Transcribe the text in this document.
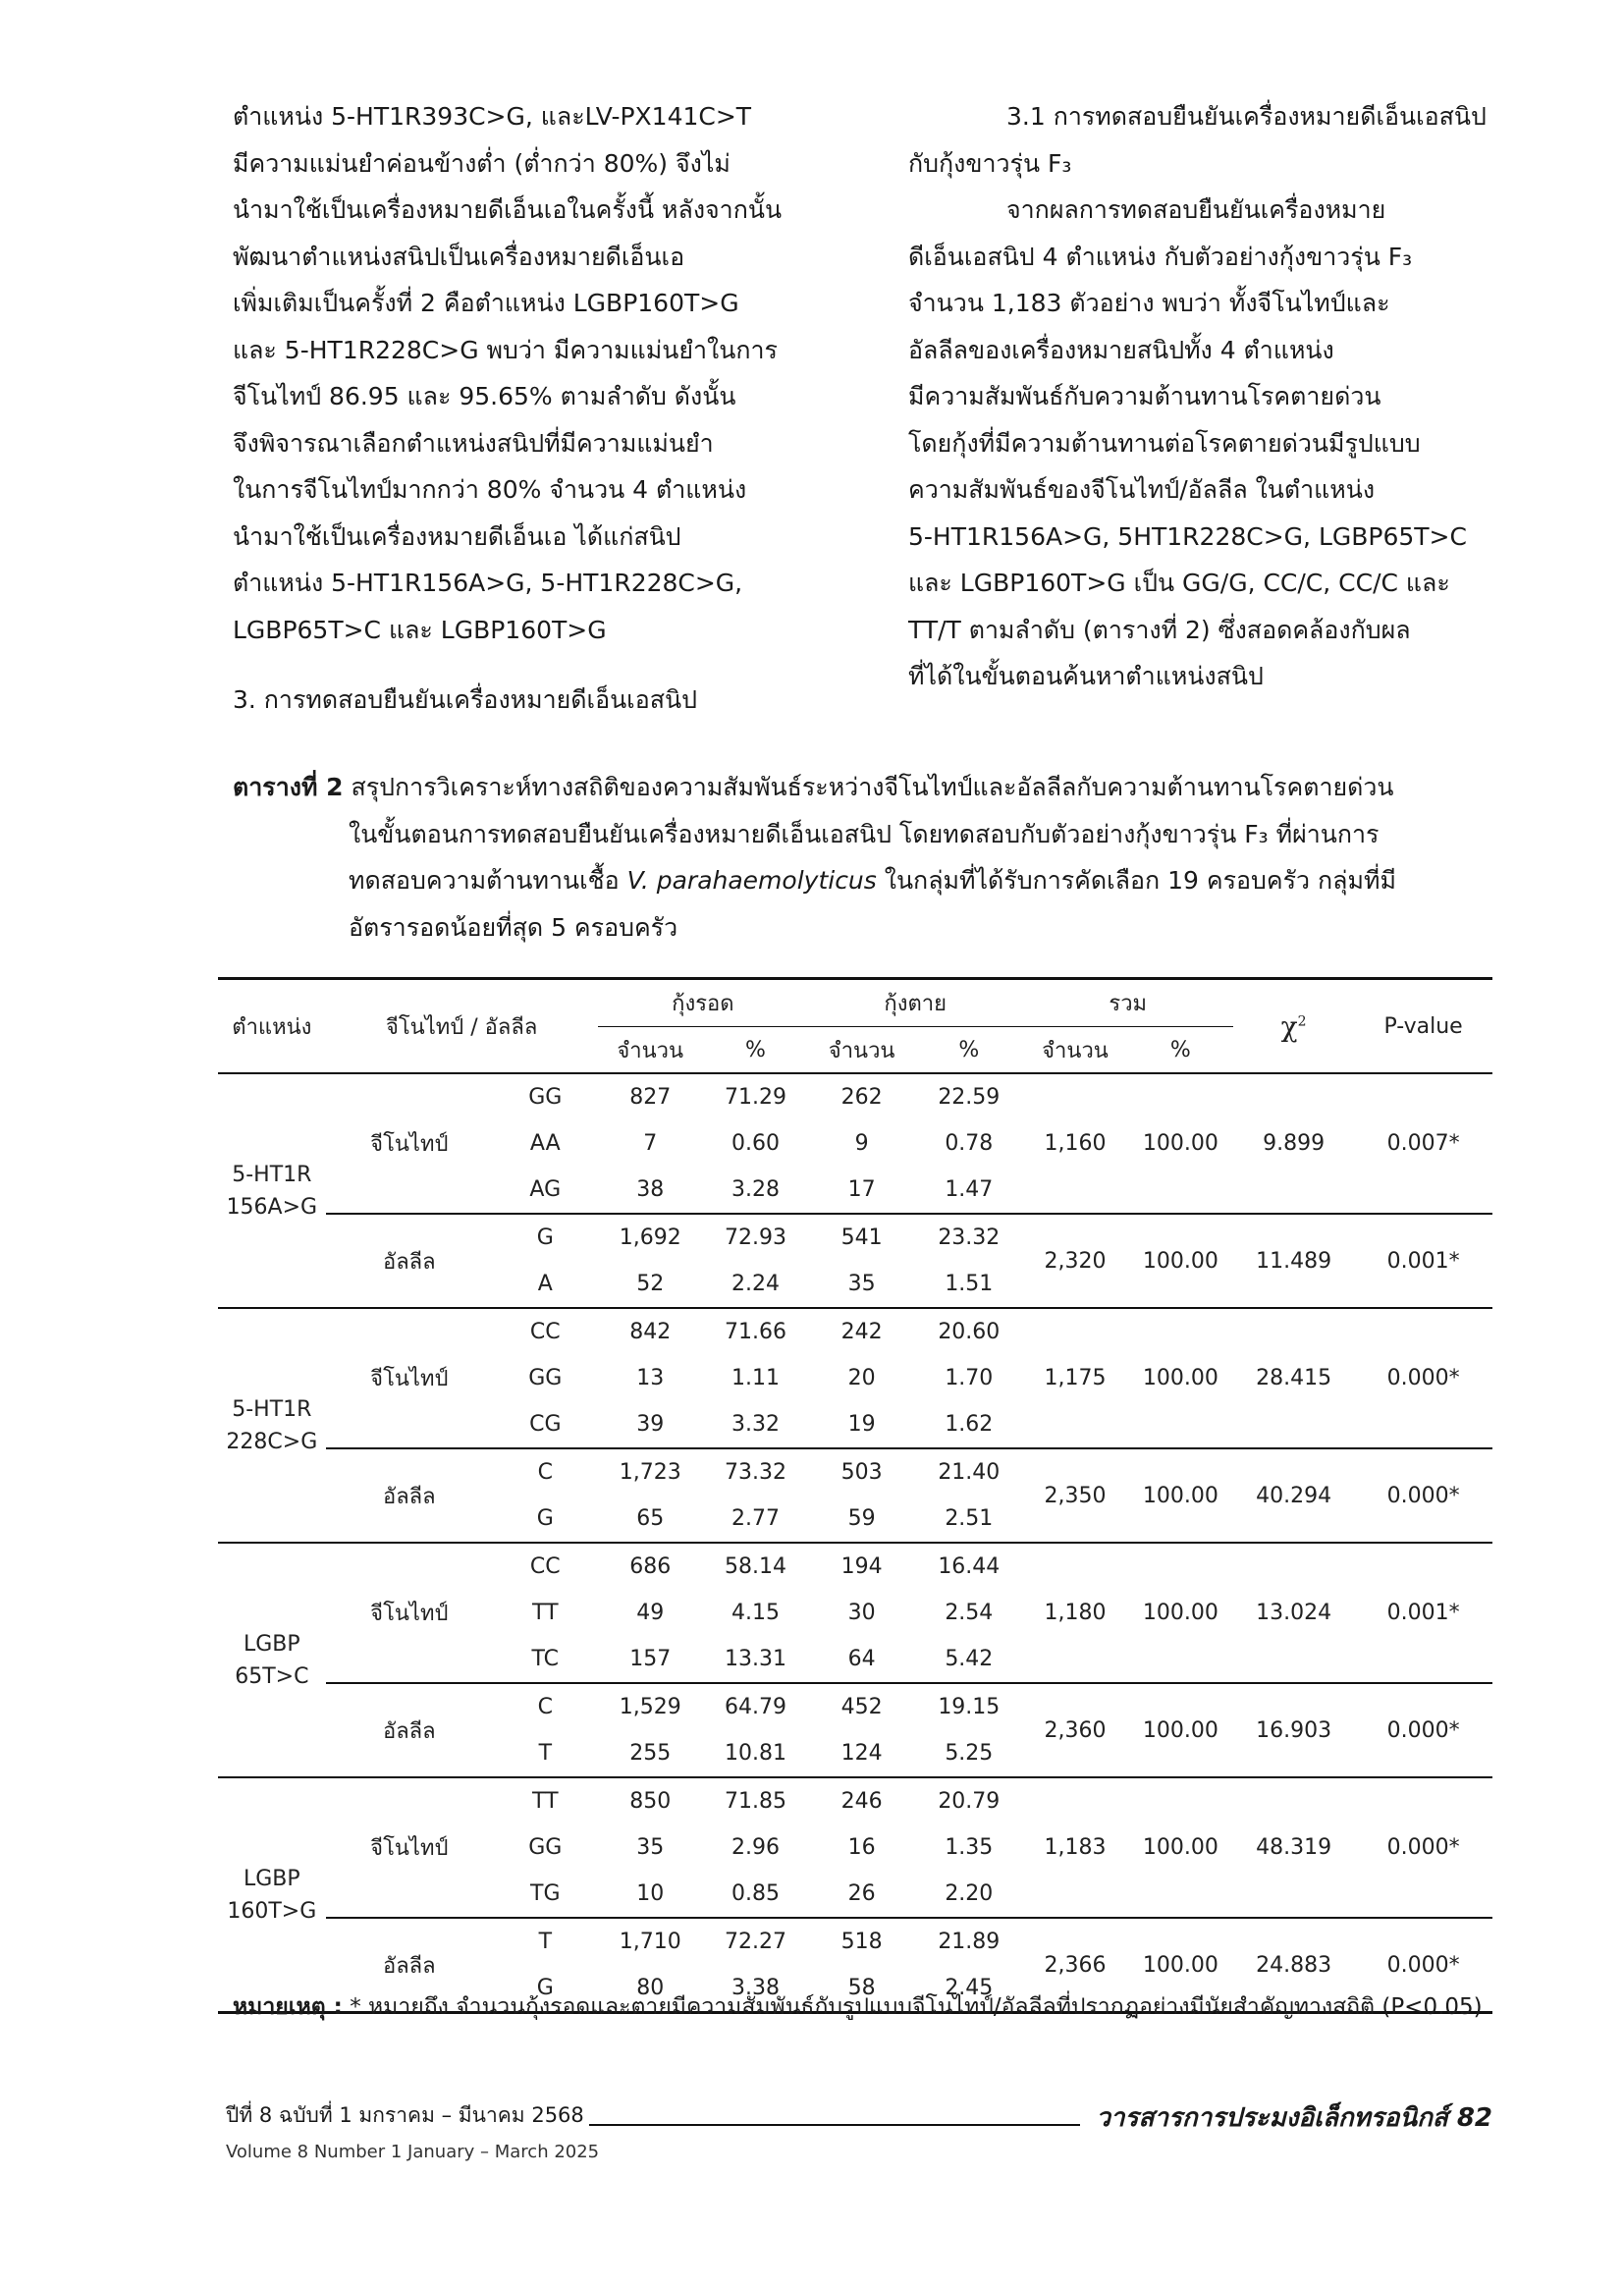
ตำแหน่ง 5-HT1R393C>G, และLV-PX141C>T

มีความแม่นยำค่อนข้างต่ำ (ต่ำกว่า 80%) จึงไม่

นำมาใช้เป็นเครื่องหมายดีเอ็นเอในครั้งนี้ หลังจากนั้น

พัฒนาตำแหน่งสนิปเป็นเครื่องหมายดีเอ็นเอ

เพิ่มเติมเป็นครั้งที่ 2 คือตำแหน่ง LGBP160T>G

และ 5-HT1R228C>G พบว่า มีความแม่นยำในการ

จีโนไทป์ 86.95 และ 95.65% ตามลำดับ ดังนั้น

จึงพิจารณาเลือกตำแหน่งสนิปที่มีความแม่นยำ

ในการจีโนไทป์มากกว่า 80% จำนวน 4 ตำแหน่ง

นำมาใช้เป็นเครื่องหมายดีเอ็นเอ ได้แก่สนิป

ตำแหน่ง 5-HT1R156A>G, 5-HT1R228C>G,

LGBP65T>C และ LGBP160T>G

3. การทดสอบยืนยันเครื่องหมายดีเอ็นเอสนิป

3.1 การทดสอบยืนยันเครื่องหมายดีเอ็นเอสนิป

กับกุ้งขาวรุ่น F₃

จากผลการทดสอบยืนยันเครื่องหมาย

ดีเอ็นเอสนิป 4 ตำแหน่ง กับตัวอย่างกุ้งขาวรุ่น F₃

จำนวน 1,183 ตัวอย่าง พบว่า ทั้งจีโนไทป์และ

อัลลีลของเครื่องหมายสนิปทั้ง 4 ตำแหน่ง

มีความสัมพันธ์กับความต้านทานโรคตายด่วน

โดยกุ้งที่มีความต้านทานต่อโรคตายด่วนมีรูปแบบ

ความสัมพันธ์ของจีโนไทป์/อัลลีล ในตำแหน่ง

5-HT1R156A>G, 5HT1R228C>G, LGBP65T>C

และ LGBP160T>G เป็น GG/G, CC/C, CC/C และ

TT/T ตามลำดับ (ตารางที่ 2) ซึ่งสอดคล้องกับผล

ที่ได้ในขั้นตอนค้นหาตำแหน่งสนิป

ตารางที่ 2 สรุปการวิเคราะห์ทางสถิติของความสัมพันธ์ระหว่างจีโนไทป์และอัลลีลกับความต้านทานโรคตายด่วน

ในขั้นตอนการทดสอบยืนยันเครื่องหมายดีเอ็นเอสนิป โดยทดสอบกับตัวอย่างกุ้งขาวรุ่น F₃ ที่ผ่านการ

ทดสอบความต้านทานเชื้อ V. parahaemolyticus ในกลุ่มที่ได้รับการคัดเลือก 19 ครอบครัว กลุ่มที่มี

อัตรารอดน้อยที่สุด 5 ครอบครัว

ตำแหน่ง	จีโนไทป์ / อัลลีล		กุ้งรอด		กุ้งตาย		รวม		$\chi^2$	P-value
			จำนวน	%	จำนวน	%	จำนวน	%		

5-HT1R
156A>G	จีโนไทป์	GG	827	71.29	262	22.59	1,160	100.00	9.899	0.007*
		AA	7	0.60	9	0.78				
		AG	38	3.28	17	1.47				
	อัลลีล	G	1,692	72.93	541	23.32	2,320	100.00	11.489	0.001*
		A	52	2.24	35	1.51				

5-HT1R
228C>G	จีโนไทป์	CC	842	71.66	242	20.60	1,175	100.00	28.415	0.000*
		GG	13	1.11	20	1.70				
		CG	39	3.32	19	1.62				
	อัลลีล	C	1,723	73.32	503	21.40	2,350	100.00	40.294	0.000*
		G	65	2.77	59	2.51				

LGBP
65T>C	จีโนไทป์	CC	686	58.14	194	16.44	1,180	100.00	13.024	0.001*
		TT	49	4.15	30	2.54				
		TC	157	13.31	64	5.42				
	อัลลีล	C	1,529	64.79	452	19.15	2,360	100.00	16.903	0.000*
		T	255	10.81	124	5.25				

LGBP
160T>G	จีโนไทป์	TT	850	71.85	246	20.79	1,183	100.00	48.319	0.000*
		GG	35	2.96	16	1.35				
		TG	10	0.85	26	2.20				
	อัลลีล	T	1,710	72.27	518	21.89	2,366	100.00	24.883	0.000*
		G	80	3.38	58	2.45				
หมายเหตุ : * หมายถึง จำนวนกุ้งรอดและตายมีความสัมพันธ์กับรูปแบบจีโนไทป์/อัลลีลที่ปรากฏอย่างมีนัยสำคัญทางสถิติ (P<0.05)
ปีที่ 8 ฉบับที่ 1 มกราคม – มีนาคม 2568
Volume 8 Number 1 January – March 2025
วารสารการประมงอิเล็กทรอนิกส์ 82
